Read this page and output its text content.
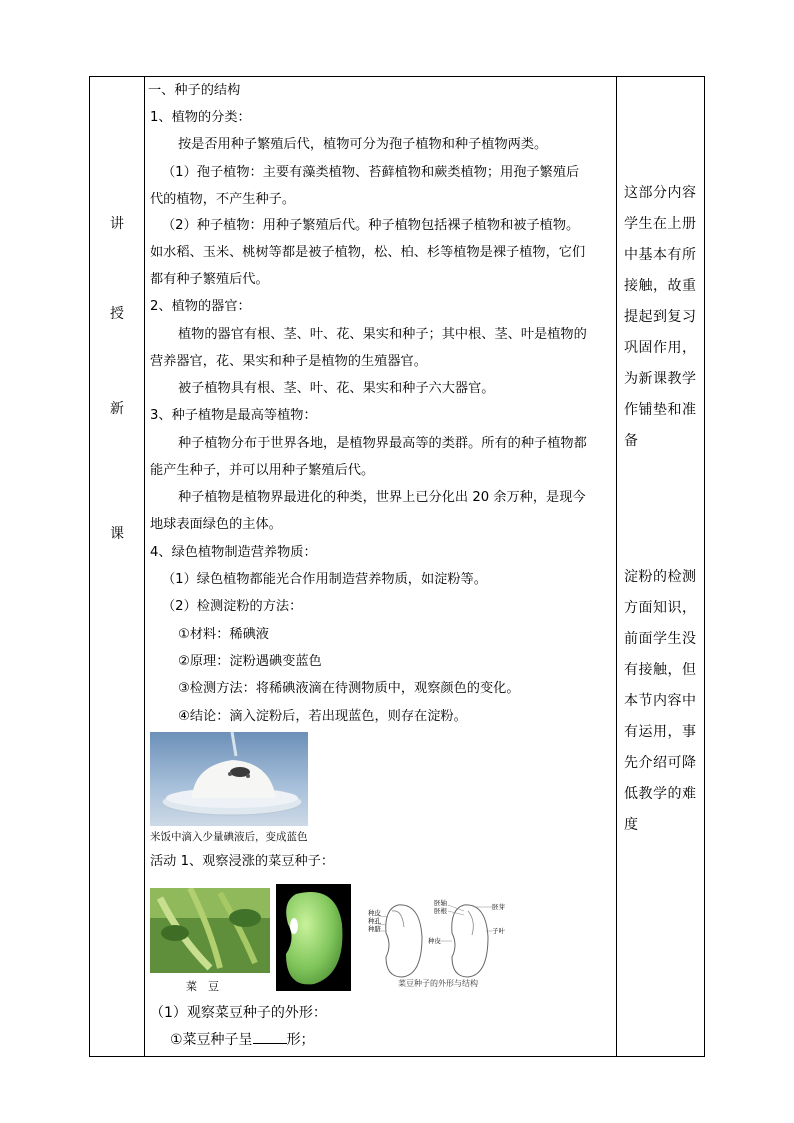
讲
授
新
课
这部分内容学生在上册中基本有所接触，故重提起到复习巩固作用，为新课教学作铺垫和准备
淀粉的检测方面知识，前面学生没有接触，但本节内容中有运用，事先介绍可降低教学的难度
一、种子的结构
1、植物的分类：
按是否用种子繁殖后代，植物可分为孢子植物和种子植物两类。
（1）孢子植物：主要有藻类植物、苔藓植物和蕨类植物；用孢子繁殖后
代的植物，不产生种子。
（2）种子植物：用种子繁殖后代。种子植物包括裸子植物和被子植物。
如水稻、玉米、桃树等都是被子植物，松、柏、杉等植物是裸子植物，它们
都有种子繁殖后代。
2、植物的器官：
植物的器官有根、茎、叶、花、果实和种子；其中根、茎、叶是植物的
营养器官，花、果实和种子是植物的生殖器官。
被子植物具有根、茎、叶、花、果实和种子六大器官。
3、种子植物是最高等植物：
种子植物分布于世界各地，是植物界最高等的类群。所有的种子植物都
能产生种子，并可以用种子繁殖后代。
种子植物是植物界最进化的种类，世界上已分化出 20 余万种，是现今
地球表面绿色的主体。
4、绿色植物制造营养物质：
（1）绿色植物都能光合作用制造营养物质，如淀粉等。
（2）检测淀粉的方法：
①材料：稀碘液
②原理：淀粉遇碘变蓝色
③检测方法：将稀碘液滴在待测物质中，观察颜色的变化。
④结论：滴入淀粉后，若出现蓝色，则存在淀粉。
米饭中滴入少量碘液后，变成蓝色
活动 1、观察浸涨的菜豆种子：
菜　豆
种皮
种孔
种脐
胚轴
胚根	胚芽
种皮
子叶
菜豆种子的外形与结构
（1）观察菜豆种子的外形：
①菜豆种子呈 形；
